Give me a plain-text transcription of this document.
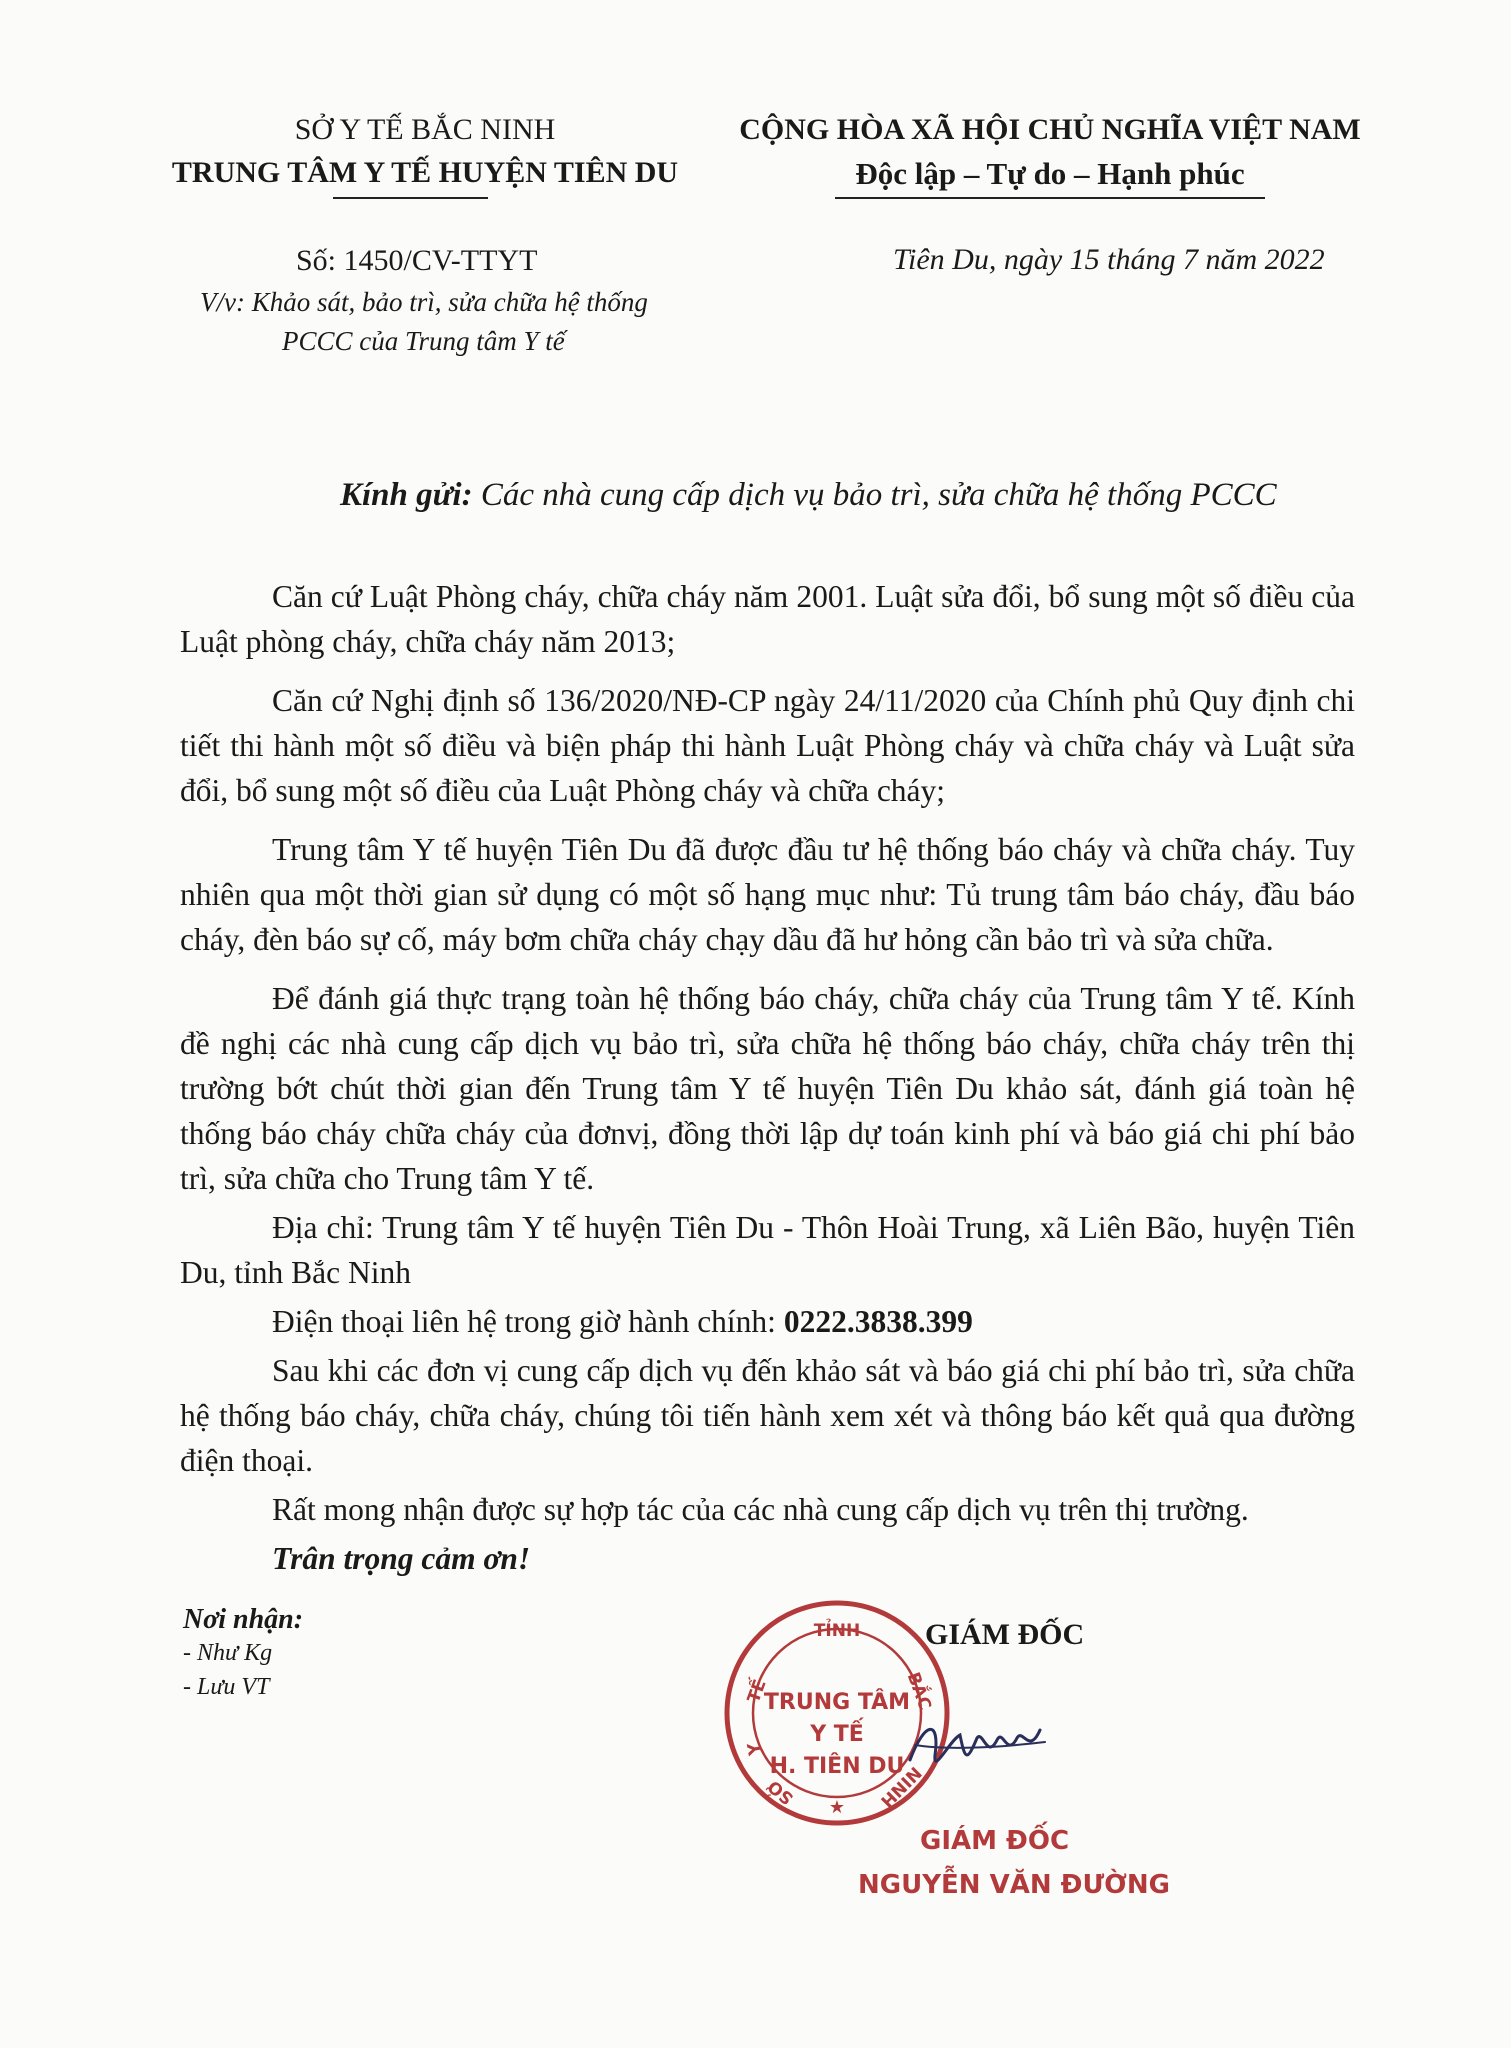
SỞ Y TẾ BẮC NINH
TRUNG TÂM Y TẾ HUYỆN TIÊN DU
Số: 1450/CV-TTYT
V/v: Khảo sát, bảo trì, sửa chữa hệ thống
PCCC của Trung tâm Y tế
CỘNG HÒA XÃ HỘI CHỦ NGHĨA VIỆT NAM
Độc lập – Tự do – Hạnh phúc
Tiên Du, ngày 15 tháng 7 năm 2022
Kính gửi: Các nhà cung cấp dịch vụ bảo trì, sửa chữa hệ thống PCCC

Căn cứ Luật Phòng cháy, chữa cháy năm 2001. Luật sửa đổi, bổ sung một số điều của Luật phòng cháy, chữa cháy năm 2013;

Căn cứ Nghị định số 136/2020/NĐ-CP ngày 24/11/2020 của Chính phủ Quy định chi tiết thi hành một số điều và biện pháp thi hành Luật Phòng cháy và chữa cháy và Luật sửa đổi, bổ sung một số điều của Luật Phòng cháy và chữa cháy;

Trung tâm Y tế huyện Tiên Du đã được đầu tư hệ thống báo cháy và chữa cháy. Tuy nhiên qua một thời gian sử dụng có một số hạng mục như: Tủ trung tâm báo cháy, đầu báo cháy, đèn báo sự cố, máy bơm chữa cháy chạy dầu đã hư hỏng cần bảo trì và sửa chữa.

Để đánh giá thực trạng toàn hệ thống báo cháy, chữa cháy của Trung tâm Y tế. Kính đề nghị các nhà cung cấp dịch vụ bảo trì, sửa chữa hệ thống báo cháy, chữa cháy trên thị trường bớt chút thời gian đến Trung tâm Y tế huyện Tiên Du khảo sát, đánh giá toàn hệ thống báo cháy chữa cháy của đơnvị, đồng thời lập dự toán kinh phí và báo giá chi phí bảo trì, sửa chữa cho Trung tâm Y tế.

Địa chỉ: Trung tâm Y tế huyện Tiên Du - Thôn Hoài Trung, xã Liên Bão, huyện Tiên Du, tỉnh Bắc Ninh

Điện thoại liên hệ trong giờ hành chính: 0222.3838.399

Sau khi các đơn vị cung cấp dịch vụ đến khảo sát và báo giá chi phí bảo trì, sửa chữa hệ thống báo cháy, chữa cháy, chúng tôi tiến hành xem xét và thông báo kết quả qua đường điện thoại.

Rất mong nhận được sự hợp tác của các nhà cung cấp dịch vụ trên thị trường.

Trân trọng cảm ơn!

Nơi nhận:
- Như Kg
- Lưu VT
GIÁM ĐỐC
TỈNH
TẾ
Y
BẮC
NINH
SỞ ★
TRUNG TÂM
Y TẾ
H. TIÊN DU
GIÁM ĐỐC
NGUYỄN VĂN ĐƯỜNG
